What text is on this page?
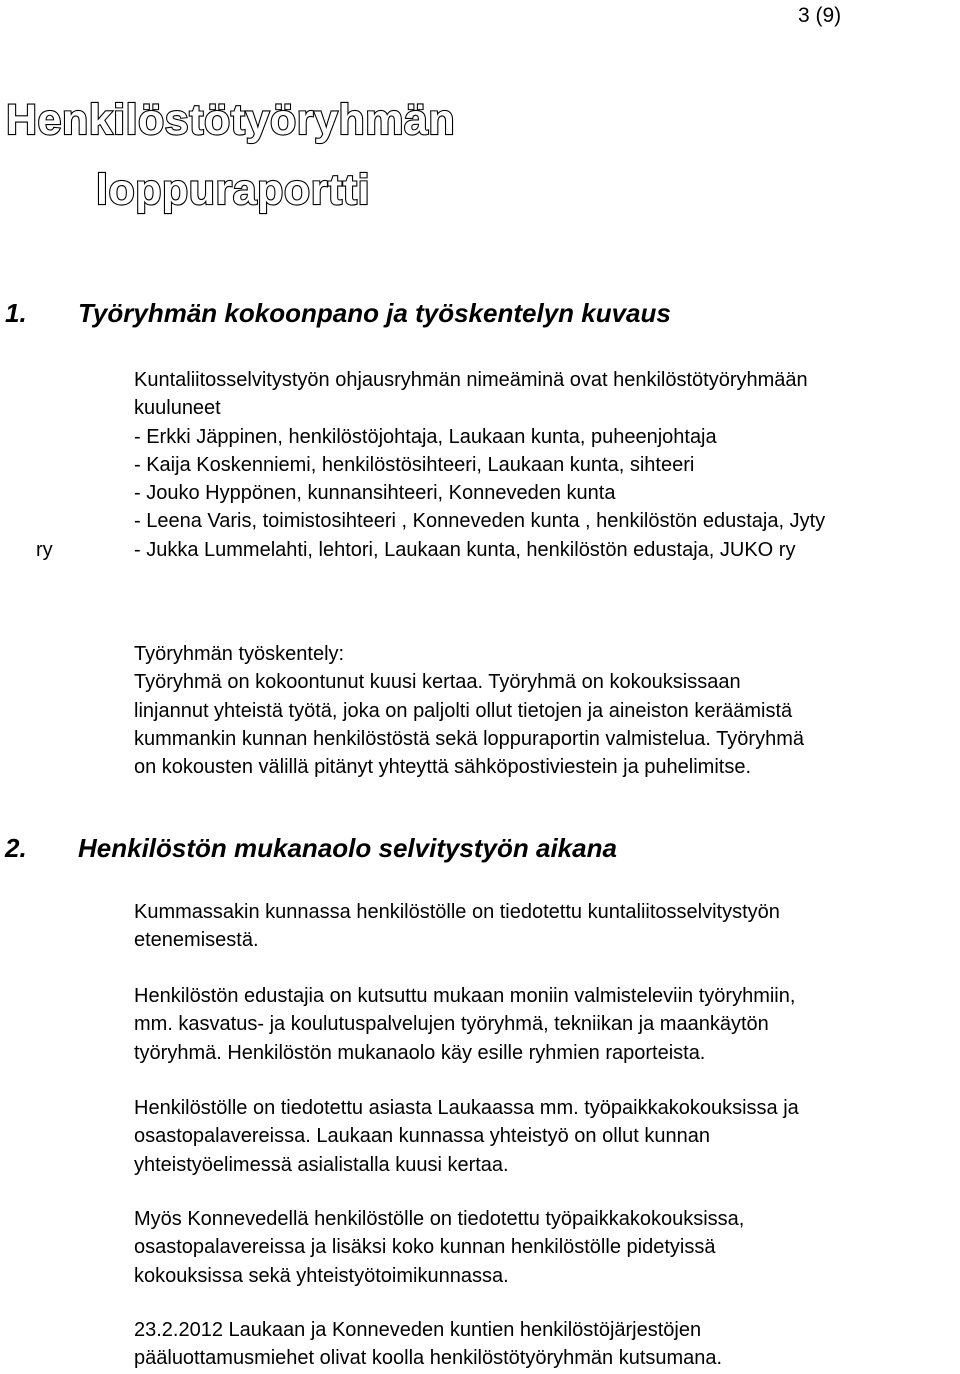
3 (9)
Henkilöstötyöryhmän
loppuraportti
1. Työryhmän kokoonpano ja työskentelyn kuvaus
Kuntaliitosselvitystyön ohjausryhmän nimeäminä ovat henkilöstötyöryhmään
kuuluneet
- Erkki Jäppinen, henkilöstöjohtaja, Laukaan kunta, puheenjohtaja
- Kaija Koskenniemi, henkilöstösihteeri, Laukaan kunta, sihteeri
- Jouko Hyppönen, kunnansihteeri, Konneveden kunta
- Leena Varis, toimistosihteeri , Konneveden kunta , henkilöstön edustaja, Jyty
- Jukka Lummelahti, lehtori, Laukaan kunta, henkilöstön edustaja, JUKO ry
ry
Työryhmän työskentely:
Työryhmä on kokoontunut kuusi kertaa. Työryhmä on kokouksissaan
linjannut yhteistä työtä, joka on paljolti ollut tietojen ja aineiston keräämistä
kummankin kunnan henkilöstöstä sekä loppuraportin valmistelua. Työryhmä
on kokousten välillä pitänyt yhteyttä sähköpostiviestein ja puhelimitse.
2. Henkilöstön mukanaolo selvitystyön aikana
Kummassakin kunnassa henkilöstölle on tiedotettu kuntaliitosselvitystyön
etenemisestä.
Henkilöstön edustajia on kutsuttu mukaan moniin valmisteleviin työryhmiin,
mm. kasvatus- ja koulutuspalvelujen työryhmä, tekniikan ja maankäytön
työryhmä. Henkilöstön mukanaolo käy esille ryhmien raporteista.
Henkilöstölle on tiedotettu asiasta Laukaassa mm. työpaikkakokouksissa ja
osastopalavereissa. Laukaan kunnassa yhteistyö on ollut kunnan
yhteistyöelimessä asialistalla kuusi kertaa.
Myös Konnevedellä henkilöstölle on tiedotettu työpaikkakokouksissa,
osastopalavereissa ja lisäksi koko kunnan henkilöstölle pidetyissä
kokouksissa sekä yhteistyötoimikunnassa.
23.2.2012 Laukaan ja Konneveden kuntien henkilöstöjärjestöjen
pääluottamusmiehet olivat koolla henkilöstötyöryhmän kutsumana.
